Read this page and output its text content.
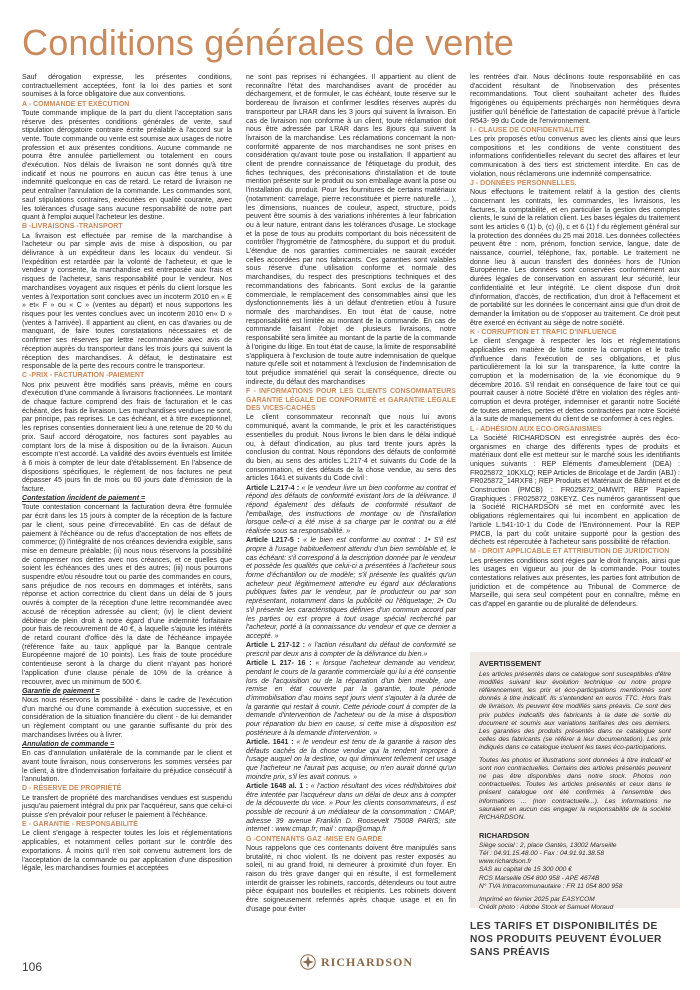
Conditions générales de vente

Sauf dérogation expresse, les présentes conditions, contractuellement acceptées, font la loi des parties et sont soumises à la force obligatoire due aux conventions.

A - COMMANDE ET EXÉCUTION

Toute commande implique de la part du client l'acceptation sans réserve des présentes conditions générales de vente, sauf stipulation dérogatoire contraire écrite préalable à l'accord sur la vente. Toute commande ou vente est soumise aux usages de notre profession et aux présentes conditions. Aucune commande ne pourra être annulée partiellement ou totalement en cours d'exécution. Nos délais de livraison ne sont donnés qu'à titre indicatif et nous ne pourrons en aucun cas être tenus à une indemnité quelconque en cas de retard. Le retard de livraison ne peut entraîner l'annulation de la commande. Les commandes sont, sauf stipulations contraires, exécutées en qualité courante, avec les tolérances d'usage sans aucune responsabilité de notre part quant à l'emploi auquel l'acheteur les destine.

B -LIVRAISONS -TRANSPORT

La livraison est effectuée par remise de la marchandise à l'acheteur ou par simple avis de mise à disposition, ou par délivrance à un expéditeur dans les locaux du vendeur. Si l'expédition est retardée par la volonté de l'acheteur, et que le vendeur y consente, la marchandise est entreposée aux frais et risques de l'acheteur, sans responsabilité pour le vendeur. Nos marchandises voyagent aux risques et périls du client lorsque les ventes à l'exportation sont conclues avec un incoterm 2010 en « E » et« F » ou « C » (ventes au départ) et nous supportons les risques pour les ventes conclues avec un incoterm 2010 en« D » (ventes à l'arrivée). Il appartient au client, en cas d'avaries ou de manquant, de faire toutes constatations nécessaires et de confirmer ses réserves par lettre recommandée avec avis de réception auprès du transporteur dans les trois jours qui suivent la réception des marchandises. À défaut, le destinataire est responsable de la perte des recours contre le transporteur.

C -PRIX - FACTURATION -PAIEMENT

Nos prix peuvent être modifiés sans préavis, même en cours d'exécution d'une commande à livraisons fractionnées. Le montant de chaque facture comprend des frais de facturation et le cas échéant, des frais de livraison. Les marchandises vendues ne sont, par principe, pas reprises. Le cas échéant, et à titre exceptionnel, les reprises consenties donneraient lieu à une retenue de 20 % du prix. Sauf accord dérogatoire, nos factures sont payables au comptant lors de la mise à disposition ou de la livraison. Aucun escompte n'est accordé. La validité des avoirs éventuels est limitée à 6 mois à compter de leur date d'établissement. En l'absence de dispositions spécifiques, le règlement de nos factures ne peut dépasser 45 jours fin de mois ou 60 jours date d'émission de la facture.

Contestation /incident de paiement =

Toute contestation concernant la facturation devra être formulée par écrit dans les 15 jours à compter de la réception de la facture par le client, sous peine d'irrecevabilité. En cas de défaut de paiement à l'échéance ou de refus d'acceptation de nos effets de commerce; (i) l'intégralité de nos créances deviendra exigible, sans mise en demeure préalable; (ii) nous nous réservons la possibilité de compenser nos dettes avec nos créances, et ce quelles que soient les échéances des unes et des autres; (iii) nous pourrons suspendre et/ou résoudre tout ou partie des commandes en cours, sans préjudice de nos recours en dommages et intérêts, sans réponse et action correctrice du client dans un délai de 5 jours ouvrés à compter de la réception d'une lettre recommandée avec accusé de réception adressée au client; (iv) le client devient débiteur de plein droit à notre égard d'une indemnité forfaitaire pour frais de recouvrement de 40 €, à laquelle s'ajoute les intérêts de retard courant d'office dès la date de l'échéance impayée (référence faite au taux appliqué par la Banque centrale Européenne majoré de 10 points). Les frais de toute procédure contentieuse seront à la charge du client n'ayant pas honoré l'application d'une clause pénale de 10% de la créance à recouvrer, avec un minimum de 500 €.

Garantie de paiement =

Nous nous réservons la possibilité - dans le cadre de l'exécution d'un marché ou d'une commande à exécution successive, et en considération de la situation financière du client - de lui demander un règlement comptant ou une garantie suffisante du prix des marchandises livrées ou à livrer.

Annulation de commande =

En cas d'annulation unilatérale de la commande par le client et avant toute livraison, nous conserverons les sommes versées par le client, à titre d'indemnisation forfaitaire du préjudice consécutif à l'annulation.

D - RÉSERVE DE PROPRIÉTÉ

Le transfert de propriété des marchandises vendues est suspendu jusqu'au paiement intégral du prix par l'acquéreur, sans que celui-ci puisse s'en prévaloir pour refuser le paiement à l'échéance.

E - GARANTIE - RESPONSABILITÉ

Le client s'engage à respecter toutes les lois et réglementations applicables, et notamment celles portant sur le contrôle des exportations. À moins qu'il n'en soit convenu autrement lors de l'acceptation de la commande ou par application d'une disposition légale, les marchandises fournies et acceptées

ne sont pas reprises ni échangées. Il appartient au client de reconnaître l'état des marchandises avant de procéder au déchargement, et de formuler, le cas échéant, toute réserve sur le bordereau de livraison et confirmer lesdites réserves auprès du transporteur par LRAR dans les 3 jours qui suivent la livraison. En cas de livraison non conforme à un client, toute réclamation doit nous être adressée par LRAR dans les 8jours qui suivent la livraison de la marchandise. Les réclamations concernant la non-conformité apparente de nos marchandises ne sont prises en considération qu'avant toute pose ou installation. Il appartient au client de prendre connaissance de l'étiquetage du produit, des fiches techniques, des préconisations d'installation et de toute mention présente sur le produit ou son emballage avant la pose ou l'installation du produit. Pour les fournitures de certains matériaux (notamment: carrelage, pierre reconstituée et pierre naturelle ... ), les dimensions, nuances de couleur, aspect, structure, poids peuvent être soumis à des variations inhérentes à leur fabrication ou à leur nature, entrant dans les tolérances d'usage. Le stockage et la pose de tous au produits comportant du bois nécessitent de contrôler l'hygrométrie de l'atmosphère, du support et du produit. L'étendue de nos garanties commerciales ne saurait excéder celles accordées par nos fabricants. Ces garanties sont valables sous réserve d'une utilisation conforme et normale des marchandises, du respect des prescriptions techniques et des recommandations des fabricants. Sont exclus de la garantie commerciale, le remplacement des consommables ainsi que les dysfonctionnements liés à un défaut d'entretien et/ou à l'usure normale des marchandises. En tout état de cause, notre responsabilité est limitée au montant de la commande. En cas de commande faisant l'objet de plusieurs livraisons, notre responsabilité sera limitée au montant de la partie de la commande à l'origine du litige. En tout état de cause, la limite de responsabilité s'appliquera à l'exclusion de toute autre indemnisation de quelque nature qu'elle soit et notamment à l'exclusion de l'indemnisation de tout préjudice immatériel qui serait la conséquence, directe ou indirecte, du défaut des marchandises

F - INFORMATIONS POUR LES CLIENTS CONSOMMATEURS GARANTIE LÉGALE DE CONFORMITÉ et GARANTIE LÉGALE DES VICES-CACHÉS

Le client consommateur reconnaît que nous lui avons communiqué, avant la commande, le prix et les caractéristiques essentielles du produit. Nous livrons le bien dans le délai indiqué ou, à défaut d'indication, au plus tard trente jours après la conclusion du contrat. Nous répondons des défauts de conformité du bien, au sens des articles L.217-4 et suivants du Code de la consommation, et des défauts de la chose vendue, au sens des articles 1641 et suivants du Code civil :

Article L.217-4 : « le vendeur livre un bien conforme au contrat et répond des défauts de conformité existant lors de la délivrance. Il répond également des défauts de conformité résultant de l'emballage, des instructions de montage ou de l'installation lorsque celle-ci a été mise à sa charge par le contrat ou a été réalisée sous sa responsabilité. »

Article L217-5 : « le bien est conforme au contrat : 1• S'il est propre à l'usage habituellement attendu d'un bien semblable et, le cas échéant: s'il correspond à la description donnée par le vendeur et possède les qualités que celui-ci a présentées à l'acheteur sous forme d'échantillon ou de modèle; s'il présente les qualités qu'un acheteur peut légitimement attendre eu égard aux déclarations publiques faites par le vendeur, par le producteur ou par son représentant, notamment dans la publicité ou l'étiquetage; 2• Ou s'il présente les caractéristiques définies d'un commun accord par les parties ou est propre à tout usage spécial recherché par l'acheteur, porté à la connaissance du vendeur et que ce dernier a accepté. »

Article L 217-12 : « l'action résultant du défaut de conformité se prescrit par deux ans à compter de la délivrance du bien.»

Article L 217- 16 : « lorsque l'acheteur demande au vendeur, pendant le cours de la garantie commerciale qui lui a été consentie lors de l'acquisition ou de la réparation d'un bien meuble, une remise en état couverte par la garantie, toute période d'immobilisation d'au moins sept jours vient s'ajouter à la durée de la garantie qui restait à courir. Cette période court à compter de la demande d'intervention de l'acheteur ou de la mise à disposition pour réparation du bien en cause, si cette mise à disposition est postérieure à la demande d'intervention. »

Article. 1641 : « le vendeur est tenu de la garantie à raison des défauts cachés de la chose vendue qui la rendent impropre à l'usage auquel on la destine, ou qui diminuent tellement cet usage que l'acheteur ne l'aurait pas acquise, ou n'en aurait donné qu'un moindre prix, s'il les avait connus. »

Article 1648 al. 1 : « l'action résultant des vices rédhibitoires doit être intentée par l'acquéreur dans un délai de deux ans à compter de la découverte du vice. » Pour les clients consommateurs, il est possible de recourir à un médiateur de la consommation : CMAP; adresse 39 avenue Franklin D. Roosevelt 75008 PARIS; site internet : www.cmap.fr; mail : cmap@cmap.fr

G -CONTENANTS GAZ -MISE EN GARDE

Nous rappelons que ces contenants doivent être manipulés sans brutalité, ni choc violent. Ils ne doivent pas rester exposés au soleil, ni au grand froid, ni demeurer à proximité d'un foyer. En raison du très grave danger qui en résulte, il est formellement interdit de graisser les robinets, raccords, détendeurs ou tout autre pièce équipant nos bouteilles et récipients. Les robinets doivent être soigneusement refermés après chaque usage et en fin d'usage pour éviter

les rentrées d'air. Nous déclinons toute responsabilité en cas d'accident résultant de l'inobservation des présentes recommandations. Tout client souhaitant acheter des fluides frigorigènes ou équipements préchargés non hermétiques devra justifier qu'il bénéficie de l'attestation de capacité prévue à l'article R543- 99 du Code de l'environnement.

I - CLAUSE DE CONFIDENTIALITÉ

Les prix proposés et/ou convenus avec les clients ainsi que leurs compositions et les conditions de vente constituent des informations confidentielles relevant du secret des affaires et leur communication à des tiers est strictement interdite. En cas de violation, nous réclamerons une indemnité compensatrice.

J - DONNÉES PERSONNELLES.

Nous effectuons le traitement relatif à la gestion des clients concernant les contrats, les commandes, les livraisons, les factures, la comptabilité, et en particulier la gestion des comptes clients, le suivi de la relation client. Les bases légales du traitement sont les articles 6 (1) b, (c) (i), c et 6 (1) f du règlement général sur la protection des données du 25 mai 2018. Les données collectées peuvent être : nom, prénom, fonction service, langue, date de naissance, courriel, téléphone, fax, portable. Le traitement ne donne lieu à aucun transfert des données hors de l'Union Européenne. Les données sont conservées conformément aux durées légales de conservation en assurant leur sécurité, leur confidentialité et leur intégrité. Le client dispose d'un droit d'information, d'accès, de rectification, d'un droit à l'effacement et de portabilité sur les données le concernant ainsi que d'un droit de demander la limitation ou de s'opposer au traitement. Ce droit peut être exercé en écrivant au siège de notre société.

K - CORRUPTION ET TRAFIC D'INFLUENCE

Le client s'engage à respecter les lois et réglementations applicables en matière de lutte contre la corruption et le trafic d'influence dans l'exécution de ses obligations, et plus particulièrement la loi sur la transparence, la lutte contre la corruption et la modernisation de la vie économique du 9 décembre 2016. S'il rendait en conséquence de faire tout ce qui pourrait causer à notre Société d'être en violation des règles anti-corruption et devra protéger, indemniser et garantir notre Société de toutes amendes, pertes et dettes contractées par notre Société à la suite de manquement du client de se conformer à ces règles.

L - ADHÉSION AUX ECO-ORGANISMES

La Société RICHARDSON est enregistrée auprès des éco-organismes en charge des différents types de produits et matériaux dont elle est metteur sur le marché sous les identifiants uniques suivants : REP Eléments d'ameublement (DEA) : FR025872_10KXLQ; REP Articles de Bricolage et de Jardin (ABJ) : FR025872_14RXF8 ; REP Produits et Matériaux de Bâtiment et de Construction (PMCB) : FR025872_04MWIT; REP Papiers Graphiques : FR025872_03KEYZ. Ces numéros garantissent que la Société RICHARDSON sé met en conformité avec les obligations réglementaires qui lui incombent en application de l'article L.541-10-1 du Code de l'Environnement. Pour la REP PMCB, la part du coût unitaire supporté pour la gestion des déchets est répercutée à l'acheteur sans possibilité de réfaction.

M - DROIT APPLICABLE ET ATTRIBUTION DE JURIDICTION

Les présentes conditions sont régies par le droit français, ainsi que les usages en vigueur au jour de la commande. Pour toutes contestations relatives aux présentes, les parties font attribution de juridiction et de compétence au Tribunal de Commerce de Marseille, qui sera seul compétent pour en connaître, même en cas d'appel en garantie ou de pluralité de défendeurs.

AVERTISSEMENT
Les articles présentés dans ce catalogue sont susceptibles d'être modifiés suivant leur évolution technique ou notre propre référencement, les prix et éco-participations mentionnés sont donnés à titre indicatif. Ils s'entendent en euros TTC. Hors frais de livraison. Ils peuvent être modifiés sans préavis. Ce sont des prix publics indicatifs des fabricants à la date de sortie du document et soumis aux variations tarifaires des ces derniers. Les garanties des produits présentés dans ce catalogue sont celles des fabricants (se référer à leur documentation). Les prix indiqués dans ce catalogue incluent les taxes éco-participations.
Toutes les photos et illustrations sont données à titre indicatif et sont non contractuelles. Certains des articles présentés peuvent ne pas être disponibles dans notre stock. Photos non contractuelles. Toutes les articles présentés et ceux dans le présent catalogue ont été confirmés à l'ensemble des informations ... (non contractuelle...). Les informations ne sauraient en aucun cas engager la responsabilité de la société RICHARDSON.
RICHARDSON
Siège social : 2, place Gantès, 13002 Marseille
Tél : 04.91.15.48.00 - Fax : 04.91.91.38.58
www.richardson.fr
SAS au capital de 15 300 000 €
RCS Marseille 054 800 958 - APE 4674B
N° TVA Intracommunautaire : FR 11 054 800 958
Imprimé en février 2025 par EASYCOM
Crédit photo : Adobe Stock et Samuel Moraud
LES TARIFS ET DISPONIBILITÉS DE NOS PRODUITS PEUVENT ÉVOLUER SANS PRÉAVIS
106	RICHARDSON
